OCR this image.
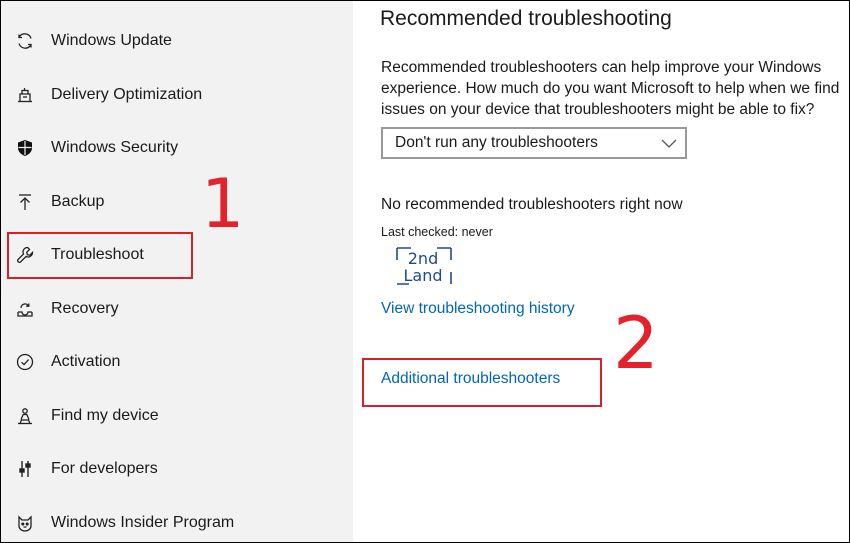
Windows Update
Delivery Optimization
Windows Security
Backup
Troubleshoot
Recovery
Activation
Find my device
For developers
Windows Insider Program
Recommended troubleshooting
Recommended troubleshooters can help improve your Windows experience. How much do you want Microsoft to help when we find issues on your device that troubleshooters might be able to fix?
Don't run any troubleshooters
No recommended troubleshooters right now
Last checked: never
2nd
Land
View troubleshooting history
Additional troubleshooters
1
2
